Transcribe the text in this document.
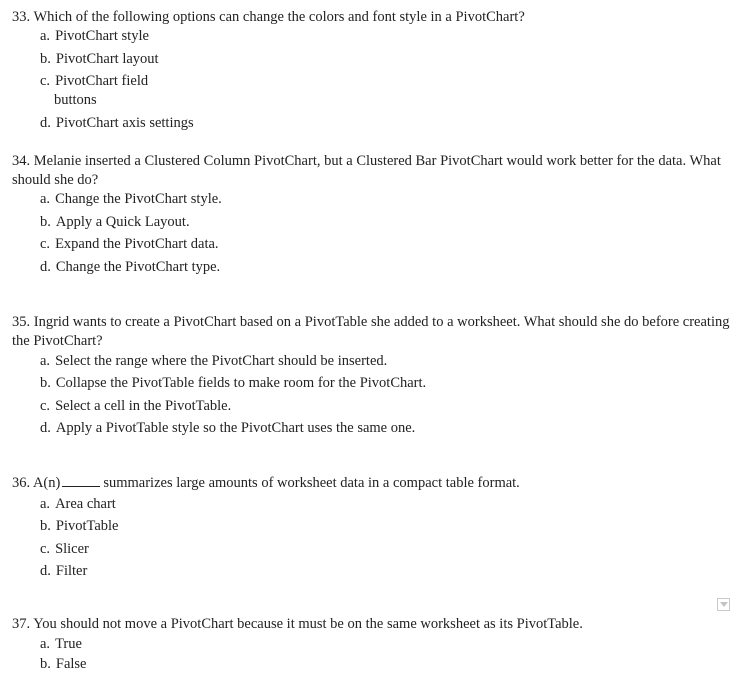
33. Which of the following options can change the colors and font style in a PivotChart?

a. PivotChart style
b. PivotChart layout
c. PivotChart field
buttons
d. PivotChart axis settings

34. Melanie inserted a Clustered Column PivotChart, but a Clustered Bar PivotChart would work better for the data. What should she do?

a. Change the PivotChart style.
b. Apply a Quick Layout.
c. Expand the PivotChart data.
d. Change the PivotChart type.

35. Ingrid wants to create a PivotChart based on a PivotTable she added to a worksheet. What should she do before creating the PivotChart?

a. Select the range where the PivotChart should be inserted.
b. Collapse the PivotTable fields to make room for the PivotChart.
c. Select a cell in the PivotTable.
d. Apply a PivotTable style so the PivotChart uses the same one.

36. A(n)	summarizes large amounts of worksheet data in a compact table format.

a. Area chart
b. PivotTable
c. Slicer
d. Filter

37. You should not move a PivotChart because it must be on the same worksheet as its PivotTable.

a. True
b. False
